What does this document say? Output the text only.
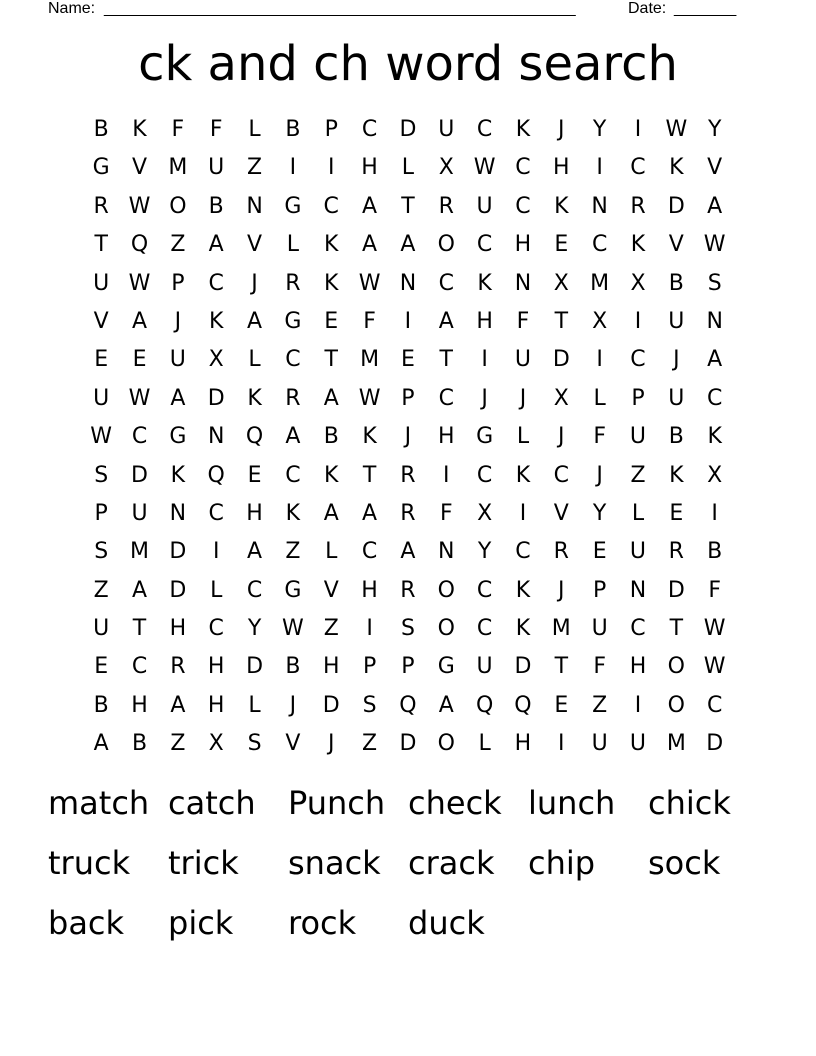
Name: _____________________________________________________	Date: _______
ck and ch word search
B	K	F	F	L	B	P	C	D U	C	K	J	Y	I	W Y
G	V M U	Z	I	I	H	L	X W C	H	I	C	K	V
R W O	B	N G	C	A	T	R	U	C	K	N	R	D	A
T	Q	Z	A	V	L	K	A	A	O	C	H	E	C	K	V W
U W P	C	J	R	K W N	C	K	N	X M X	B	S
V	A	J	K	A	G	E	F	I	A	H	F	T	X	I	U	N
E	E	U	X	L	C	T	M E	T	I	U D	I	C	J	A
U W A	D	K	R	A W P	C	J	J	X	L	P	U	C
W C	G N Q	A	B	K	J	H G	L	J	F	U	B	K
S	D	K	Q	E	C	K	T	R	I	C	K	C	J	Z	K	X
P	U	N	C	H	K	A	A	R	F	X	I	V	Y	L	E	I
S M D	I	A	Z	L	C	A	N	Y	C	R	E	U	R	B
Z	A	D	L	C	G	V	H	R	O	C	K	J	P	N D	F
U	T	H	C	Y W Z	I	S	O	C	K M U	C	T W
E	C	R	H D	B	H	P	P	G U D	T	F	H O W
B	H	A	H	L	J	D	S	Q	A	Q Q	E	Z	I	O	C
A	B	Z	X	S	V	J	Z	D O	L	H	I	U	U M D
match catch	Punch check lunch	chick
truck	trick	snack crack	chip	sock
back	pick	rock	duck
